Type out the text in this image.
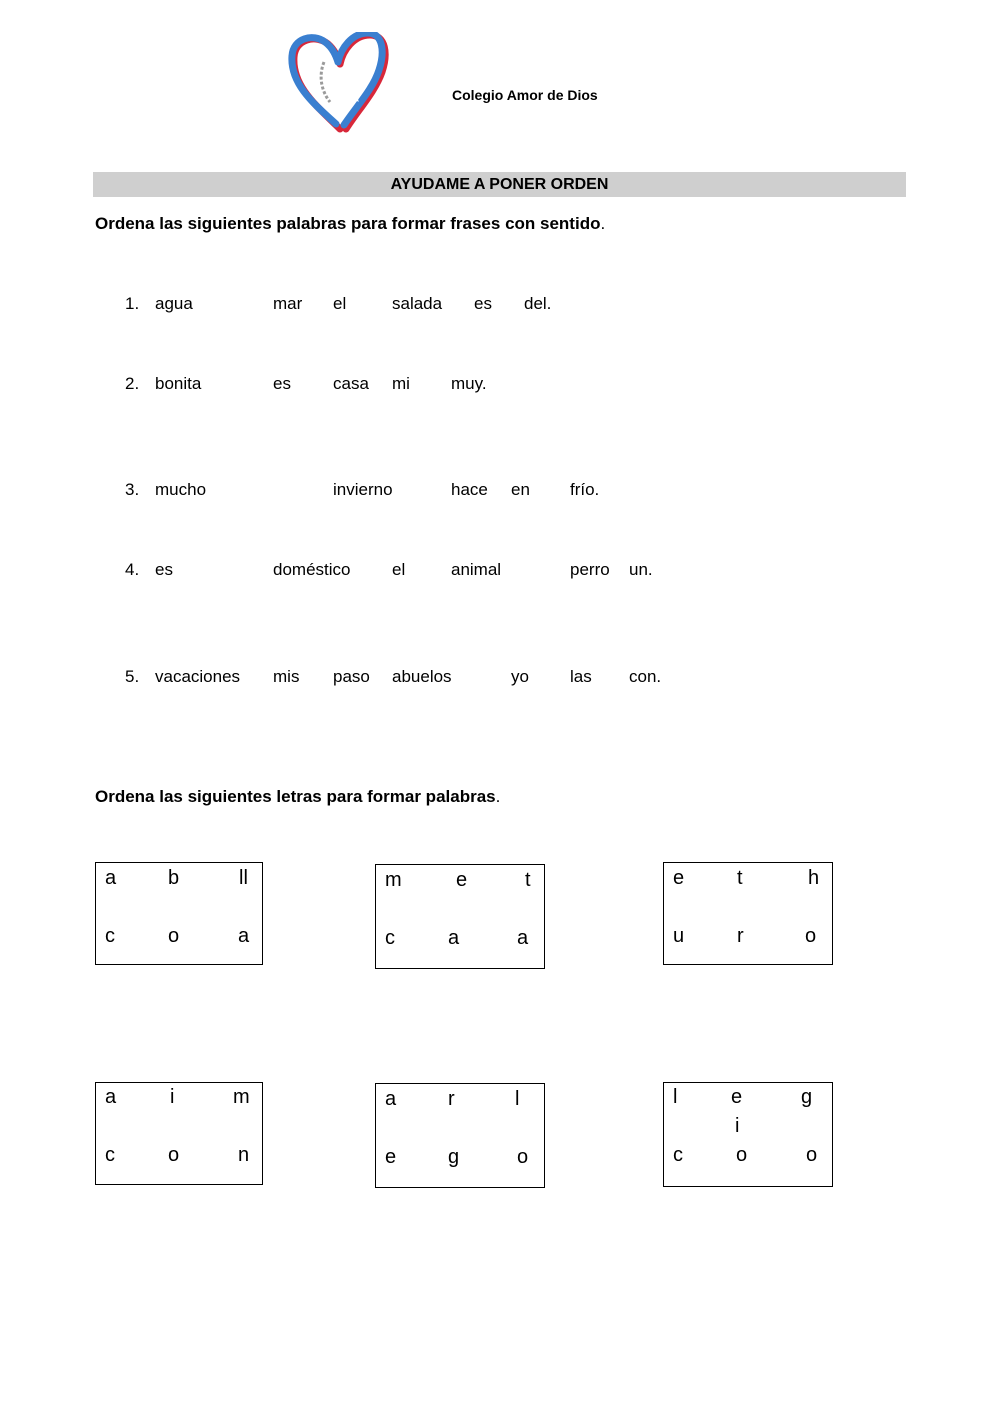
Colegio Amor de Dios
AYUDAME A PONER ORDEN
Ordena las siguientes palabras para formar frases con sentido.
1. agua	mar el	salada es del.
2. bonita	es casa mi muy.
3. mucho	invierno	hace en frío.
4. es	doméstico el	animal	perro un.
5. vacaciones mis paso abuelos	yo las con.
Ordena las siguientes letras para formar palabras.
a	b	ll
c	o	a
m	e	t
c	a	a
e	t	h
u	r	o
a	i	m
c	o	n
a	r	l
e	g	o
l	e	g
i
c	o	o
